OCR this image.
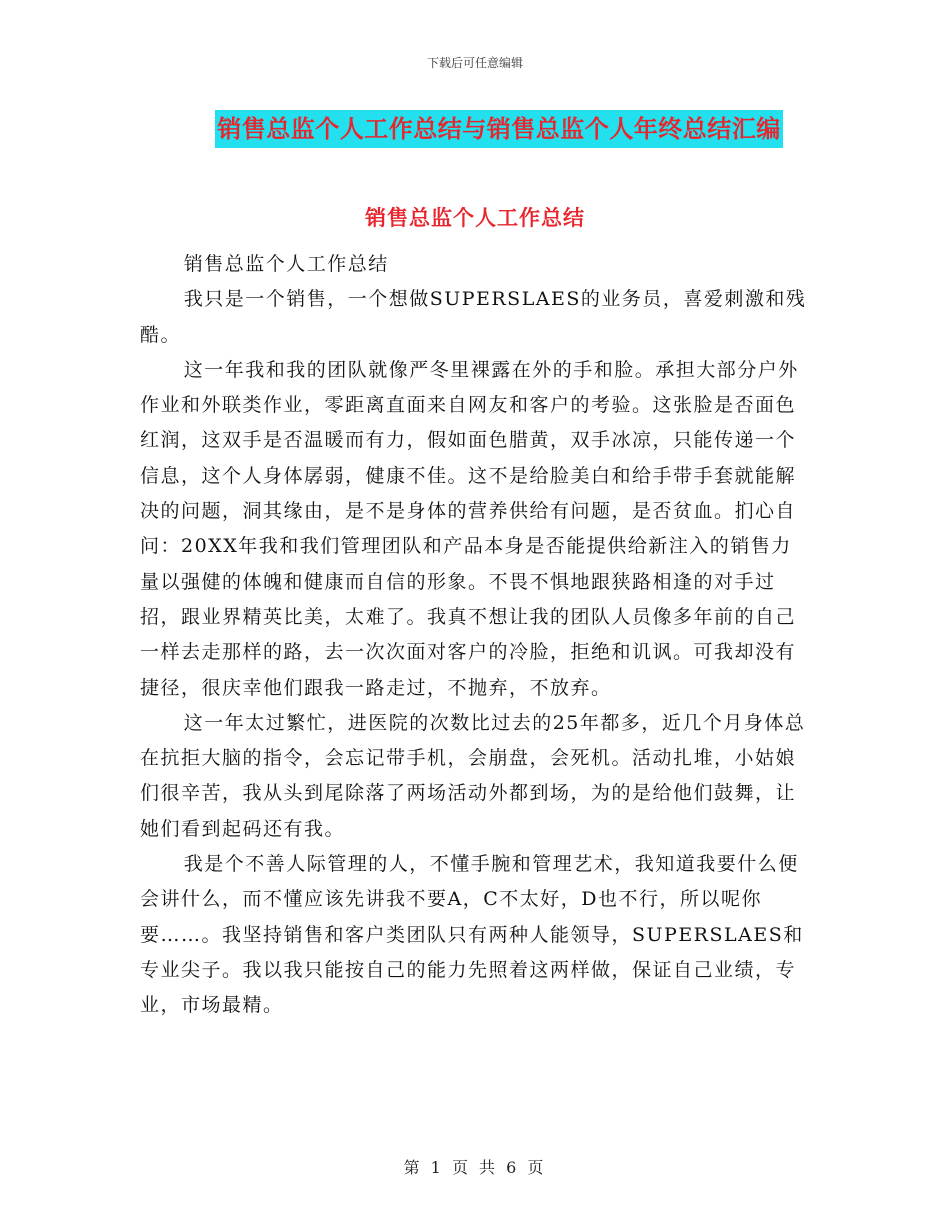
下载后可任意编辑
销售总监个人工作总结与销售总监个人年终总结汇编
销售总监个人工作总结

销售总监个人工作总结

我只是一个销售，一个想做SUPERSLAES的业务员，喜爱刺激和残酷。

这一年我和我的团队就像严冬里裸露在外的手和脸。承担大部分户外作业和外联类作业，零距离直面来自网友和客户的考验。这张脸是否面色红润，这双手是否温暖而有力，假如面色腊黄，双手冰凉，只能传递一个信息，这个人身体孱弱，健康不佳。这不是给脸美白和给手带手套就能解决的问题，洞其缘由，是不是身体的营养供给有问题，是否贫血。扪心自问：20XX年我和我们管理团队和产品本身是否能提供给新注入的销售力量以强健的体魄和健康而自信的形象。不畏不惧地跟狭路相逢的对手过招，跟业界精英比美，太难了。我真不想让我的团队人员像多年前的自己一样去走那样的路，去一次次面对客户的冷脸，拒绝和讥讽。可我却没有捷径，很庆幸他们跟我一路走过，不抛弃，不放弃。

这一年太过繁忙，进医院的次数比过去的25年都多，近几个月身体总在抗拒大脑的指令，会忘记带手机，会崩盘，会死机。活动扎堆，小姑娘们很辛苦，我从头到尾除落了两场活动外都到场，为的是给他们鼓舞，让她们看到起码还有我。

我是个不善人际管理的人，不懂手腕和管理艺术，我知道我要什么便会讲什么，而不懂应该先讲我不要A，C不太好，D也不行，所以呢你要……。我坚持销售和客户类团队只有两种人能领导，SUPERSLAES和专业尖子。我以我只能按自己的能力先照着这两样做，保证自己业绩，专业，市场最精。

第 1 页 共 6 页
